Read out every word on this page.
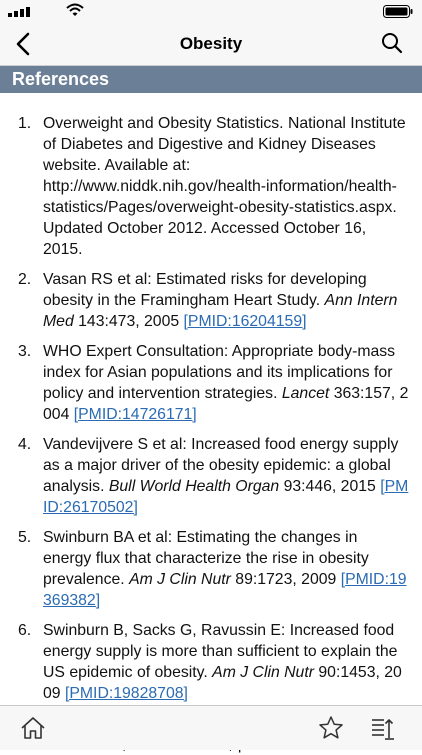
Obesity
References
1. Overweight and Obesity Statistics. National Institute of Diabetes and Digestive and Kidney Diseases website. Available at: http://www.niddk.nih.gov/health-information/health-statistics/Pages/overweight-obesity-statistics.aspx. Updated October 2012. Accessed October 16, 2015.
2. Vasan RS et al: Estimated risks for developing obesity in the Framingham Heart Study. Ann Intern Med 143:473, 2005 [PMID:16204159]
3. WHO Expert Consultation: Appropriate body-mass index for Asian populations and its implications for policy and intervention strategies. Lancet 363:157, 2004 [PMID:14726171]
4. Vandevijvere S et al: Increased food energy supply as a major driver of the obesity epidemic: a global analysis. Bull World Health Organ 93:446, 2015 [PMID:26170502]
5. Swinburn BA et al: Estimating the changes in energy flux that characterize the rise in obesity prevalence. Am J Clin Nutr 89:1723, 2009 [PMID:19369382]
6. Swinburn B, Sacks G, Ravussin E: Increased food energy supply is more than sufficient to explain the US epidemic of obesity. Am J Clin Nutr 90:1453, 2009 [PMID:19828708]
